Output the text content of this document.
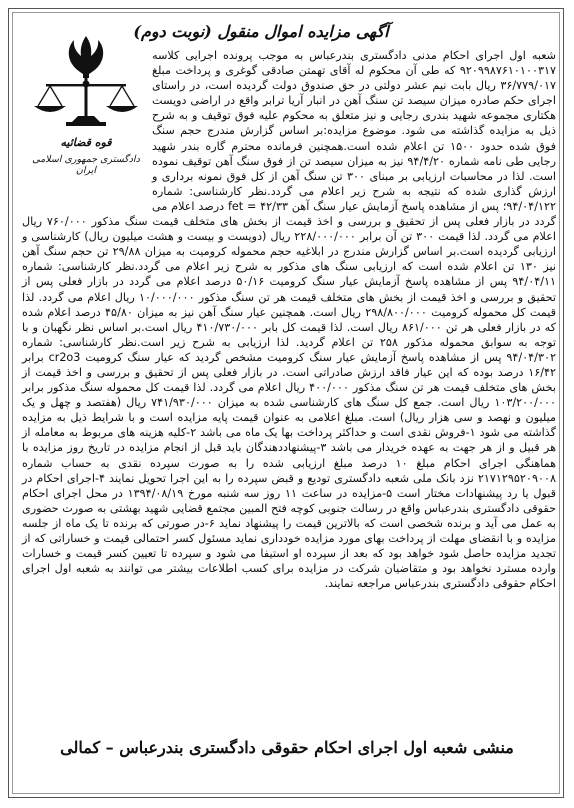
آگهی مزایده اموال منقول (نوبت دوم)
قوه قضائیه
دادگستری جمهوری اسلامی ایران

شعبه اول اجرای احکام مدنی دادگستری بندرعباس به موجب پرونده اجرایی کلاسه ۹۲۰۹۹۸۷۶۱۰۱۰۰۳۱۷ که طی آن محکوم له آقای تهمتن صادقی گوغری و پرداخت مبلغ ۳۶/۷۷۹/۰۱۷ ریال بابت نیم عشر دولتی در حق صندوق دولت گردیده است، در راستای اجرای حکم صادره میزان سیصد تن سنگ آهن در انبار آریا ترابر واقع در اراضی دویست هکتاری مجموعه شهید بندری رجایی و نیز متعلق به محکوم علیه فوق توقیف و به شرح ذیل به مزایده گذاشته می شود. موضوع مزایده:بر اساس گزارش مندرج حجم سنگ فوق شده حدود ۱۵۰۰ تن اعلام شده است.همچنین فرمانده محترم گاره بندر شهید رجایی طی نامه شماره ۹۴/۴/۲۰ نیز به میزان سیصد تن از فوق سنگ آهن توقیف نموده است. لذا در محاسبات ارزیابی بر مبنای ۳۰۰ تن سنگ آهن از کل فوق نمونه برداری و ارزش گذاری شده که نتیجه به شرح زیر اعلام می گردد.نظر کارشناسی: شماره ۹۴/۰۴/۱۲۲؛ پس از مشاهده پاسخ آزمایش عیار سنگ آهن fet = ۴۲/۳۳ درصد اعلام می گردد در بازار فعلی پس از تحقیق و بررسی و اخذ قیمت از بخش های متخلف قیمت سنگ مذکور ۷۶۰/۰۰۰ ریال اعلام می گردد. لذا قیمت ۳۰۰ تن آن برابر ۲۲۸/۰۰۰/۰۰۰ ریال (دویست و بیست و هشت میلیون ریال) کارشناسی و ارزیابی گردیده است.بر اساس گزارش مندرج در ابلاغیه حجم محموله کرومیت به میزان ۲۹/۸۸ تن حجم سنگ آهن نیز ۱۳۰ تن اعلام شده است که ارزیابی سنگ های مذکور به شرح زیر اعلام می گردد.نظر کارشناسی: شماره ۹۴/۰۴/۱۱ پس از مشاهده پاسخ آزمایش عیار سنگ کرومیت ۵۰/۱۶ درصد اعلام می گردد در بازار فعلی پس از تحقیق و بررسی و اخذ قیمت از بخش های متخلف قیمت هر تن سنگ مذکور ۱۰/۰۰۰/۰۰۰ ریال اعلام می گردد. لذا قیمت کل محموله کرومیت ۲۹۸/۸۰۰/۰۰۰ ریال است. همچنین عیار سنگ آهن نیز به میزان ۴۵/۸۰ درصد اعلام شده که در بازار فعلی هر تن ۸۶۱/۰۰۰ ریال است. لذا قیمت کل بابر ۴۱۰/۷۳۰/۰۰۰ ریال است.بر اساس نظر نگهبان و با توجه به سوابق محموله مذکور ۲۵۸ تن اعلام گردید. لذا ارزیابی به شرح زیر است.نظر کارشناسی: شماره ۹۴/۰۴/۳۰۲ پس از مشاهده پاسخ آزمایش عیار سنگ کرومیت مشخص گردید که عیار سنگ کرومیت cr2o3 برابر ۱۶/۴۲ درصد بوده که این عیار فاقد ارزش صادراتی است. در بازار فعلی پس از تحقیق و بررسی و اخذ قیمت از بخش های متخلف قیمت هر تن سنگ مذکور ۴۰۰/۰۰۰ ریال اعلام می گردد. لذا قیمت کل محموله سنگ مذکور برابر ۱۰۳/۲۰۰/۰۰۰ ریال است. جمع کل سنگ های کارشناسی شده به میزان ۷۴۱/۹۳۰/۰۰۰ ریال (هفتصد و چهل و یک میلیون و نهصد و سی هزار ریال) است. مبلغ اعلامی به عنوان قیمت پایه مزایده است و با شرایط ذیل به مزایده گذاشته می شود ۱-فروش نقدی است و حداکثر پرداخت بها یک ماه می باشد ۲-کلیه هزینه های مربوط به معامله از هر قبیل و از هر جهت به عهده خریدار می باشد ۳-پیشنهاددهندگان باید قبل از انجام مزایده در تاریخ روز مزایده با هماهنگی اجرای احکام مبلغ ۱۰ درصد مبلغ ارزیابی شده را به صورت سپرده نقدی به حساب شماره ۲۱۷۱۲۹۵۲۰۹۰۰۸ نزد بانک ملی شعبه دادگستری تودیع و قبض سپرده را به این اجرا تحویل نمایند ۴-اجرای احکام در قبول یا رد پیشنهادات مختار است ۵-مزایده در ساعت ۱۱ روز سه شنبه مورخ ۱۳۹۴/۰۸/۱۹ در محل اجرای احکام حقوقی دادگستری بندرعباس واقع در رسالت جنوبی کوچه فتح المبین مجتمع قضایی شهید بهشتی به صورت حضوری به عمل می آید و برنده شخصی است که بالاترین قیمت را پیشنهاد نماید ۶-در صورتی که برنده تا یک ماه از جلسه مزایده و با انقضای مهلت از پرداخت بهای مورد مزایده خودداری نماید مسئول کسر احتمالی قیمت و خساراتی که از تجدید مزایده حاصل شود خواهد بود که بعد از سپرده او استیفا می شود و سپرده تا تعیین کسر قیمت و خسارات وارده مسترد نخواهد بود و متقاضیان شرکت در مزایده برای کسب اطلاعات بیشتر می توانند به شعبه اول اجرای احکام حقوقی دادگستری بندرعباس مراجعه نمایند.

منشی شعبه اول اجرای احکام حقوقی دادگستری بندرعباس – کمالی
